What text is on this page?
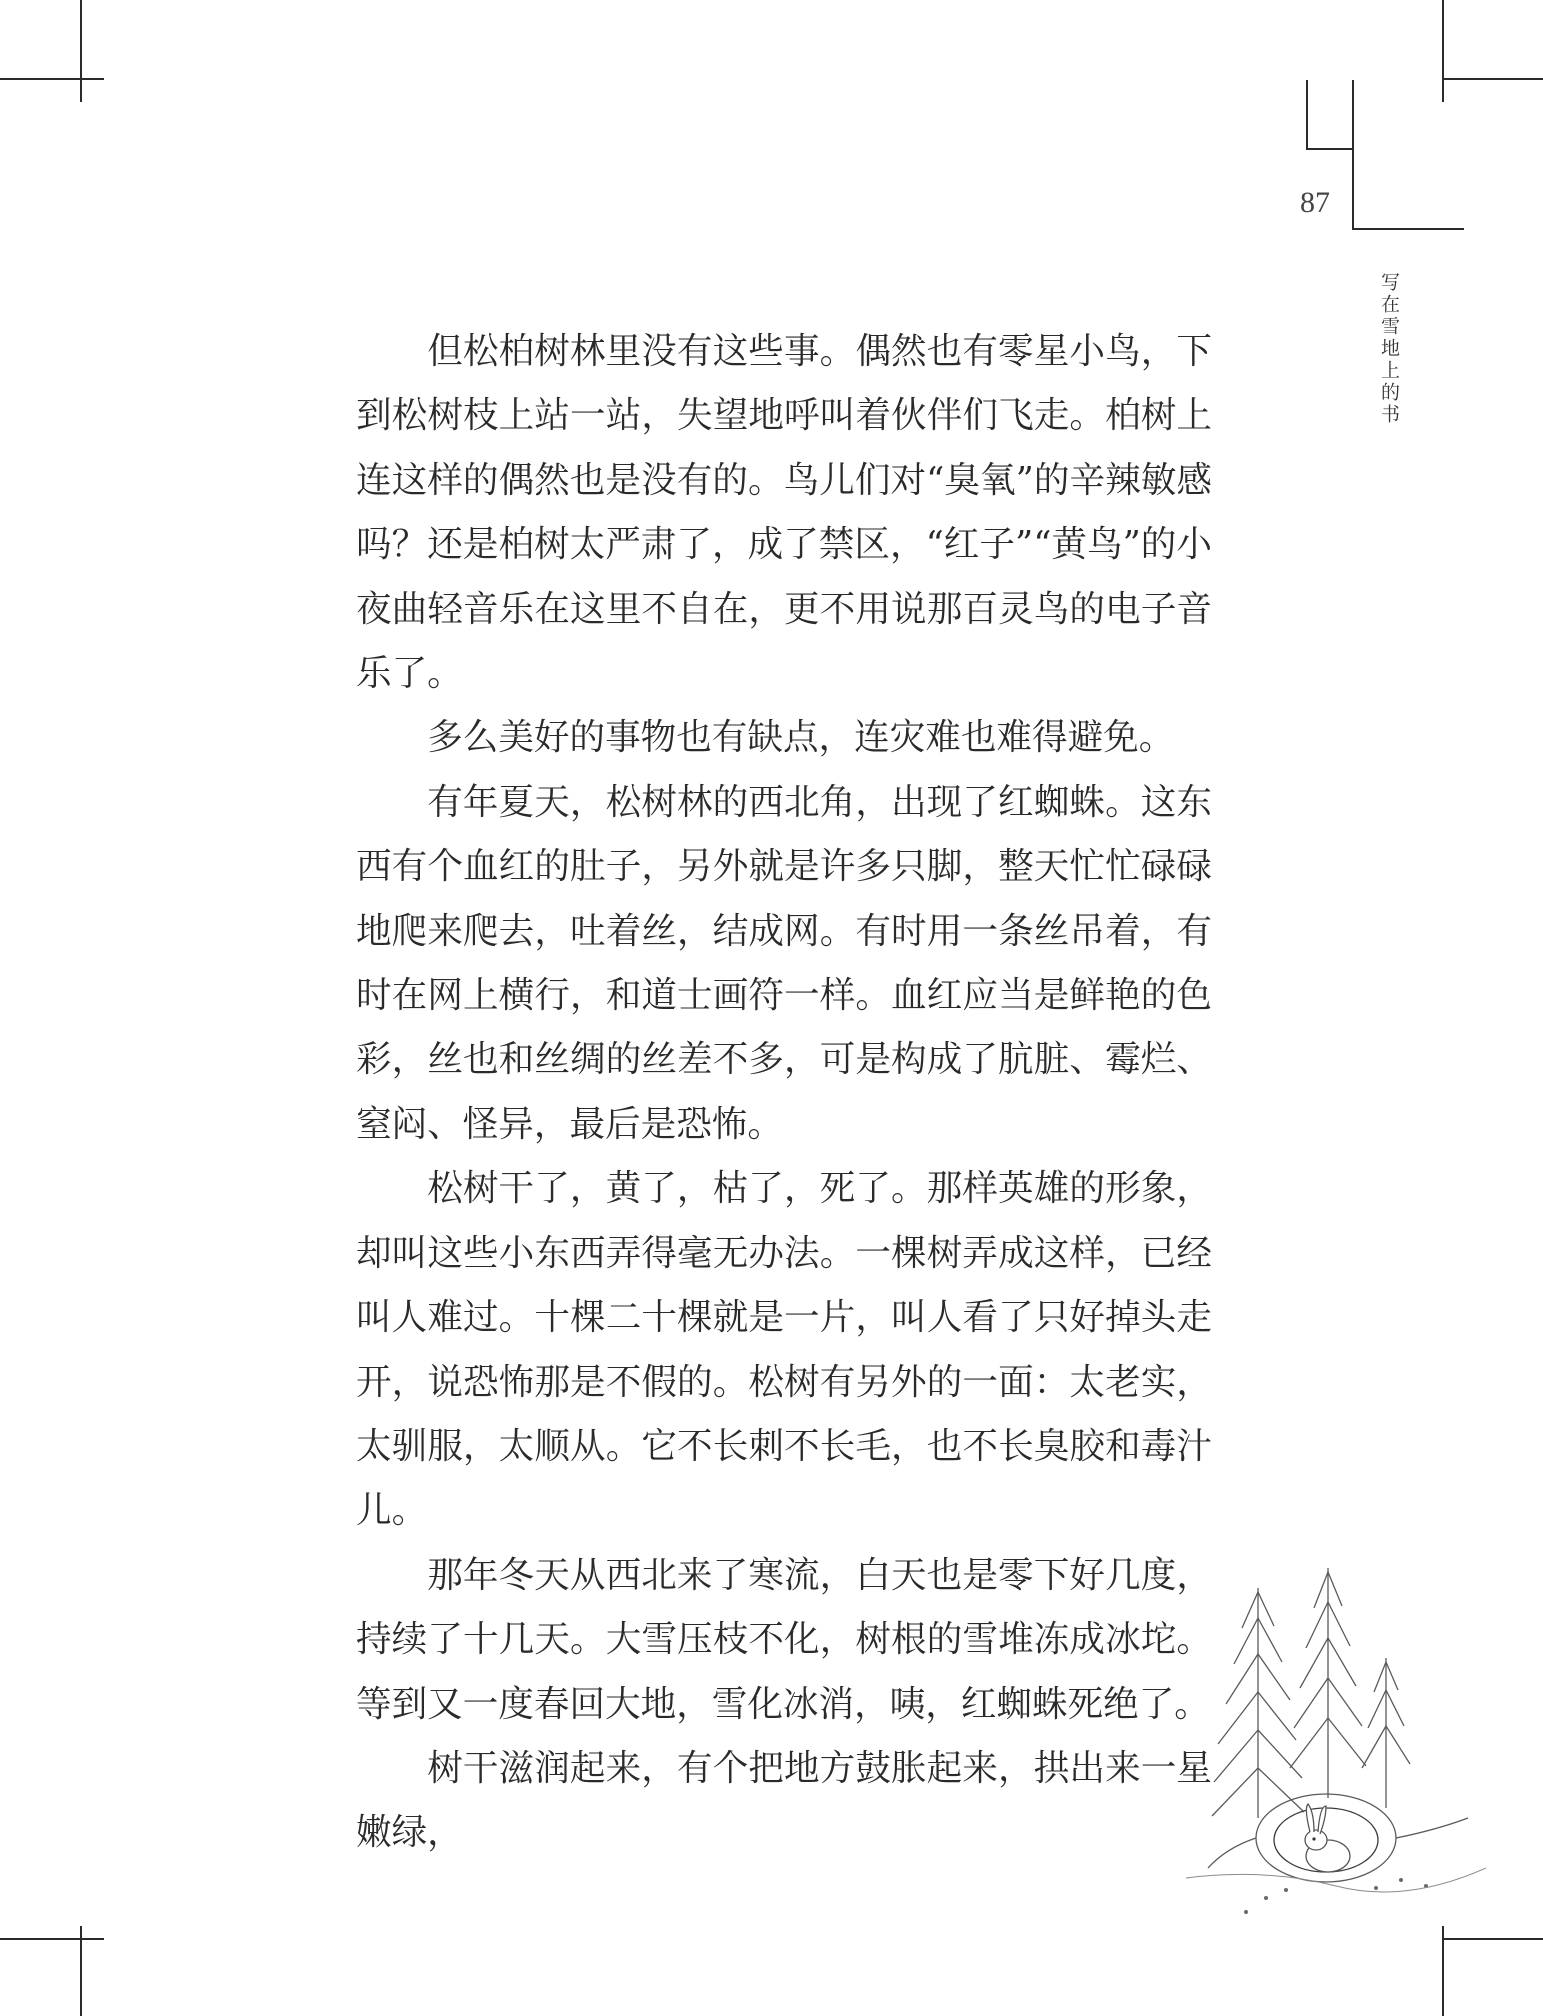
87
写在雪地上的书

但松柏树林里没有这些事。偶然也有零星小鸟，下到松树枝上站一站，失望地呼叫着伙伴们飞走。柏树上连这样的偶然也是没有的。鸟儿们对“臭氧”的辛辣敏感吗？还是柏树太严肃了，成了禁区，“红子”“黄鸟”的小夜曲轻音乐在这里不自在，更不用说那百灵鸟的电子音乐了。

多么美好的事物也有缺点，连灾难也难得避免。

有年夏天，松树林的西北角，出现了红蜘蛛。这东西有个血红的肚子，另外就是许多只脚，整天忙忙碌碌地爬来爬去，吐着丝，结成网。有时用一条丝吊着，有时在网上横行，和道士画符一样。血红应当是鲜艳的色彩，丝也和丝绸的丝差不多，可是构成了肮脏、霉烂、窒闷、怪异，最后是恐怖。

松树干了，黄了，枯了，死了。那样英雄的形象，却叫这些小东西弄得毫无办法。一棵树弄成这样，已经叫人难过。十棵二十棵就是一片，叫人看了只好掉头走开，说恐怖那是不假的。松树有另外的一面：太老实，太驯服，太顺从。它不长刺不长毛，也不长臭胶和毒汁儿。

那年冬天从西北来了寒流，白天也是零下好几度，持续了十几天。大雪压枝不化，树根的雪堆冻成冰坨。等到又一度春回大地，雪化冰消，咦，红蜘蛛死绝了。

树干滋润起来，有个把地方鼓胀起来，拱出来一星嫩绿，
